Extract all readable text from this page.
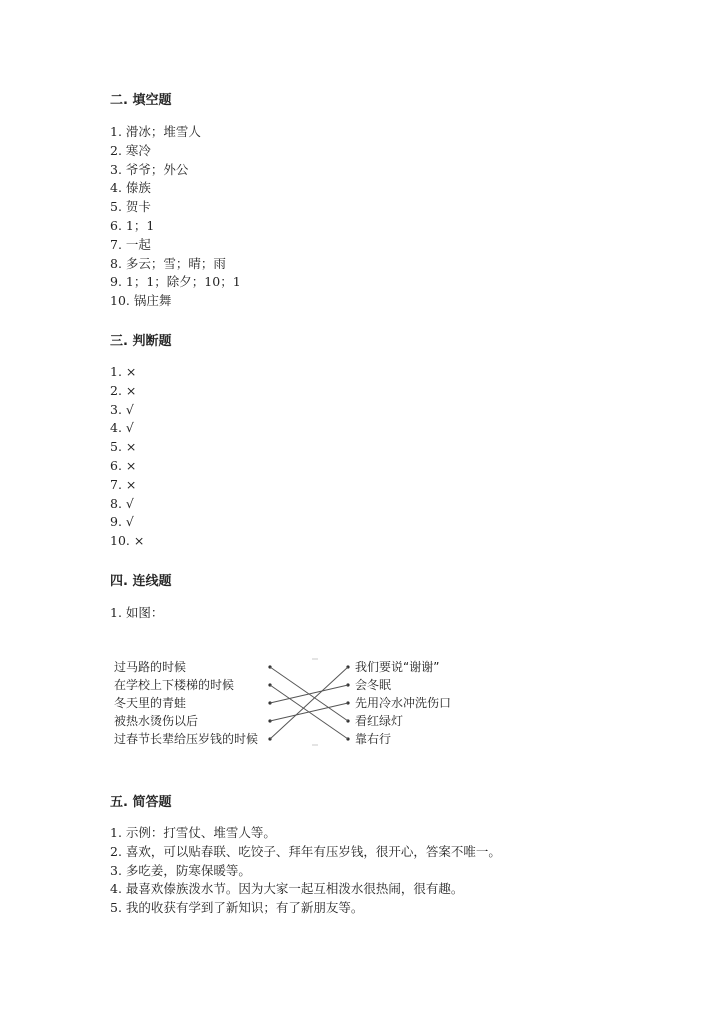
二. 填空题
1. 滑冰；堆雪人
2. 寒冷
3. 爷爷；外公
4. 傣族
5. 贺卡
6. 1；1
7. 一起
8. 多云；雪；晴；雨
9. 1；1；除夕；10；1
10. 锅庄舞
三. 判断题
1. ×
2. ×
3. √
4. √
5. ×
6. ×
7. ×
8. √
9. √
10. ×
四. 连线题

1. 如图：

过马路的时候
在学校上下楼梯的时候
冬天里的青蛙
被热水烫伤以后
过春节长辈给压岁钱的时候
我们要说“谢谢”
会冬眠
先用冷水冲洗伤口
看红绿灯
靠右行
五. 简答题
1. 示例：打雪仗、堆雪人等。
2. 喜欢，可以贴春联、吃饺子、拜年有压岁钱，很开心，答案不唯一。
3. 多吃姜，防寒保暖等。
4. 最喜欢傣族泼水节。因为大家一起互相泼水很热闹，很有趣。
5. 我的收获有学到了新知识；有了新朋友等。
